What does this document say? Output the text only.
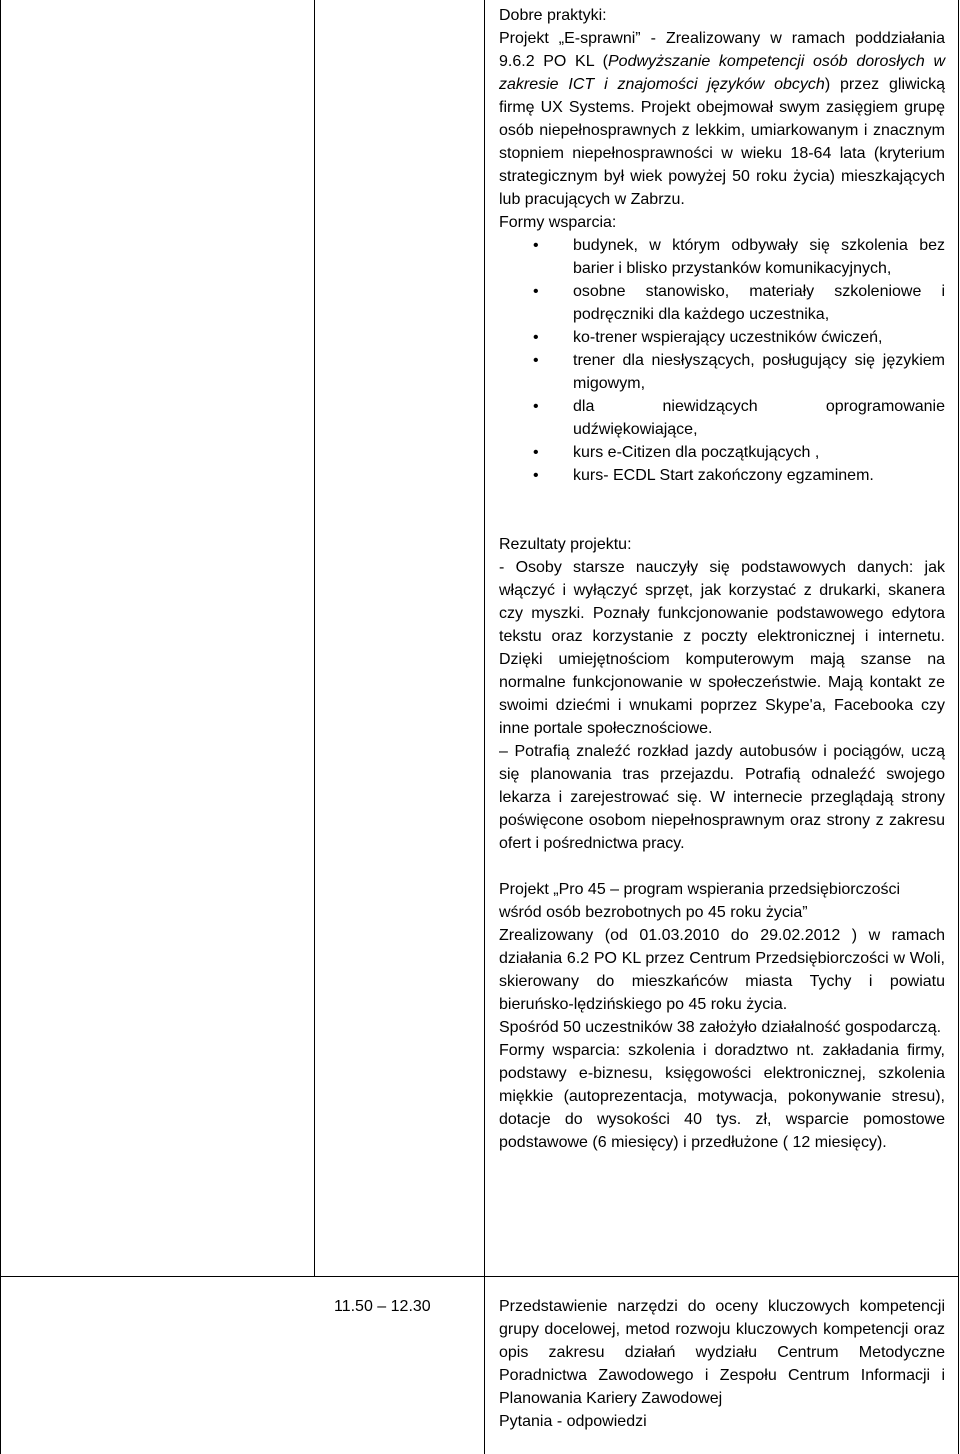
Dobre praktyki:

Projekt „E-sprawni” - Zrealizowany w ramach poddziałania 9.6.2 PO KL (Podwyższanie kompetencji osób dorosłych w zakresie ICT i znajomości języków obcych) przez gliwicką firmę UX Systems. Projekt obejmował swym zasięgiem grupę osób niepełnosprawnych z lekkim, umiarkowanym i znacznym stopniem niepełnosprawności w wieku 18-64 lata (kryterium strategicznym był wiek powyżej 50 roku życia) mieszkających lub pracujących w Zabrzu.

Formy wsparcia:

• budynek, w którym odbywały się szkolenia bez barier i blisko przystanków komunikacyjnych,
• osobne stanowisko, materiały szkoleniowe i podręczniki dla każdego uczestnika,
• ko-trener wspierający uczestników ćwiczeń,
• trener dla niesłyszących, posługujący się językiem migowym,
• dla niewidzących oprogramowanie udźwiękowiające,
• kurs e-Citizen dla początkujących ,
• kurs- ECDL Start zakończony egzaminem.

Rezultaty projektu:

- Osoby starsze nauczyły się podstawowych danych: jak włączyć i wyłączyć sprzęt, jak korzystać z drukarki, skanera czy myszki. Poznały funkcjonowanie podstawowego edytora tekstu oraz korzystanie z poczty elektronicznej i internetu. Dzięki umiejętnościom komputerowym mają szanse na normalne funkcjonowanie w społeczeństwie. Mają kontakt ze swoimi dziećmi i wnukami poprzez Skype'a, Facebooka czy inne portale społecznościowe.

– Potrafią znaleźć rozkład jazdy autobusów i pociągów, uczą się planowania tras przejazdu. Potrafią odnaleźć swojego lekarza i zarejestrować się. W internecie przeglądają strony poświęcone osobom niepełnosprawnym oraz strony z zakresu ofert i pośrednictwa pracy.

Projekt „Pro 45 – program wspierania przedsiębiorczości wśród osób bezrobotnych po 45 roku życia”

Zrealizowany (od 01.03.2010 do 29.02.2012 ) w ramach działania 6.2 PO KL przez Centrum Przedsiębiorczości w Woli, skierowany do mieszkańców miasta Tychy i powiatu bieruńsko-lędzińskiego po 45 roku życia.

Spośród 50 uczestników 38 założyło działalność gospodarczą.

Formy wsparcia: szkolenia i doradztwo nt. zakładania firmy, podstawy e-biznesu, księgowości elektronicznej, szkolenia miękkie (autoprezentacja, motywacja, pokonywanie stresu), dotacje do wysokości 40 tys. zł, wsparcie pomostowe podstawowe (6 miesięcy) i przedłużone ( 12 miesięcy).

11.50 – 12.30	Przedstawienie narzędzi do oceny kluczowych kompetencji grupy docelowej, metod rozwoju kluczowych kompetencji oraz opis zakresu działań wydziału Centrum Metodyczne Poradnictwa Zawodowego i Zespołu Centrum Informacji i Planowania Kariery Zawodowej

Pytania - odpowiedzi
